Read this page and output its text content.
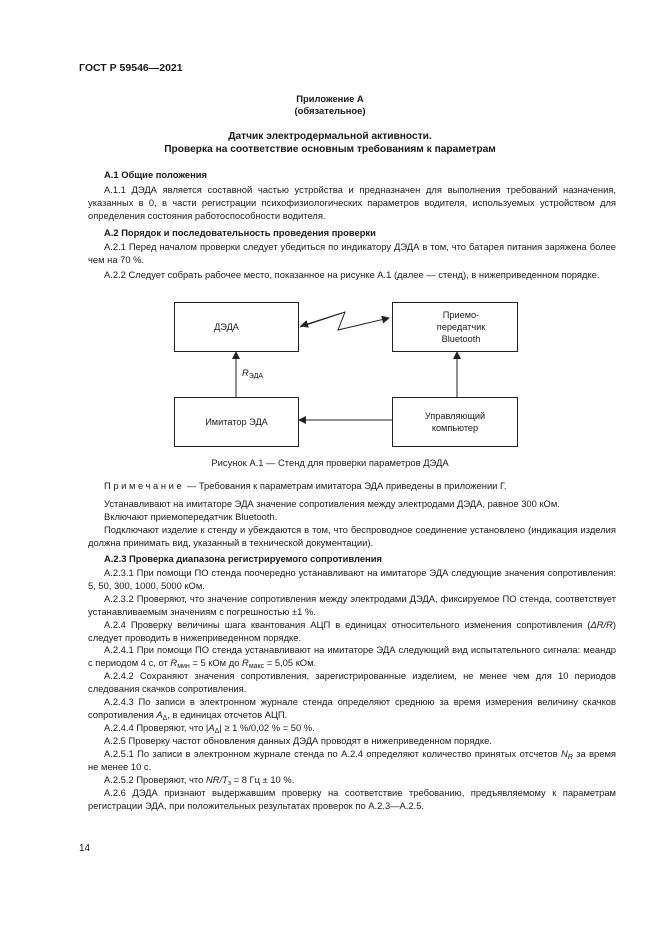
ГОСТ Р 59546—2021
Приложение А
(обязательное)
Датчик электродермальной активности.
Проверка на соответствие основным требованиям к параметрам
А.1 Общие положения
А.1.1 ДЭДА является составной частью устройства и предназначен для выполнения требований назначения, указанных в 0, в части регистрации психофизиологических параметров водителя, используемых устройством для определения состояния работоспособности водителя.
А.2 Порядок и последовательность проведения проверки
А.2.1 Перед началом проверки следует убедиться по индикатору ДЭДА в том, что батарея питания заряжена более чем на 70 %.
А.2.2 Следует собрать рабочее место, показанное на рисунке А.1 (далее — стенд), в нижеприведенном порядке.
ДЭДА
Приемо-
передатчик
Bluetooth
Имитатор ЭДА
Управляющий
компьютер
$R_{ЭДА}$
Рисунок А.1 — Стенд для проверки параметров ДЭДА
Примечание — Требования к параметрам имитатора ЭДА приведены в приложении Г.
Устанавливают на имитаторе ЭДА значение сопротивления между электродами ДЭДА, равное 300 кОм.
Включают приемопередатчик Bluetooth.
Подключают изделие к стенду и убеждаются в том, что беспроводное соединение установлено (индикация изделия должна принимать вид, указанный в технической документации).
А.2.3 Проверка диапазона регистрируемого сопротивления
А.2.3.1 При помощи ПО стенда поочередно устанавливают на имитаторе ЭДА следующие значения сопротивления: 5, 50, 300, 1000, 5000 кОм.
А.2.3.2 Проверяют, что значение сопротивления между электродами ДЭДА, фиксируемое ПО стенда, соответствует устанавливаемым значениям с погрешностью ±1 %.
А.2.4 Проверку величины шага квантования АЦП в единицах относительного изменения сопротивления (ΔR/R) следует проводить в нижеприведенном порядке.
А.2.4.1 При помощи ПО стенда устанавливают на имитаторе ЭДА следующий вид испытательного сигнала: меандр с периодом 4 с, от $R_{мин} = 5$ кОм до $R_{макс} = 5,05$ кОм.
А.2.4.2 Сохраняют значения сопротивления, зарегистрированные изделием, не менее чем для 10 периодов следования скачков сопротивления.
А.2.4.3 По записи в электронном журнале стенда определяют среднюю за время измерения величину скачков сопротивления $A_\Delta$, в единицах отсчетов АЦП.
А.2.4.4 Проверяют, что $|A_\Delta| \ge 1$ %/0,02 % = 50 %.
А.2.5 Проверку частот обновления данных ДЭДА проводят в нижеприведенном порядке.
А.2.5.1 По записи в электронном журнале стенда по А.2.4 определяют количество принятых отсчетов $N_R$ за время не менее 10 с.
А.2.5.2 Проверяют, что $NR/T_з = 8$ Гц ± 10 %.
А.2.6 ДЭДА признают выдержавшим проверку на соответствие требованию, предъявляемому к параметрам регистрации ЭДА, при положительных результатах проверок по А.2.3—А.2.5.
14
